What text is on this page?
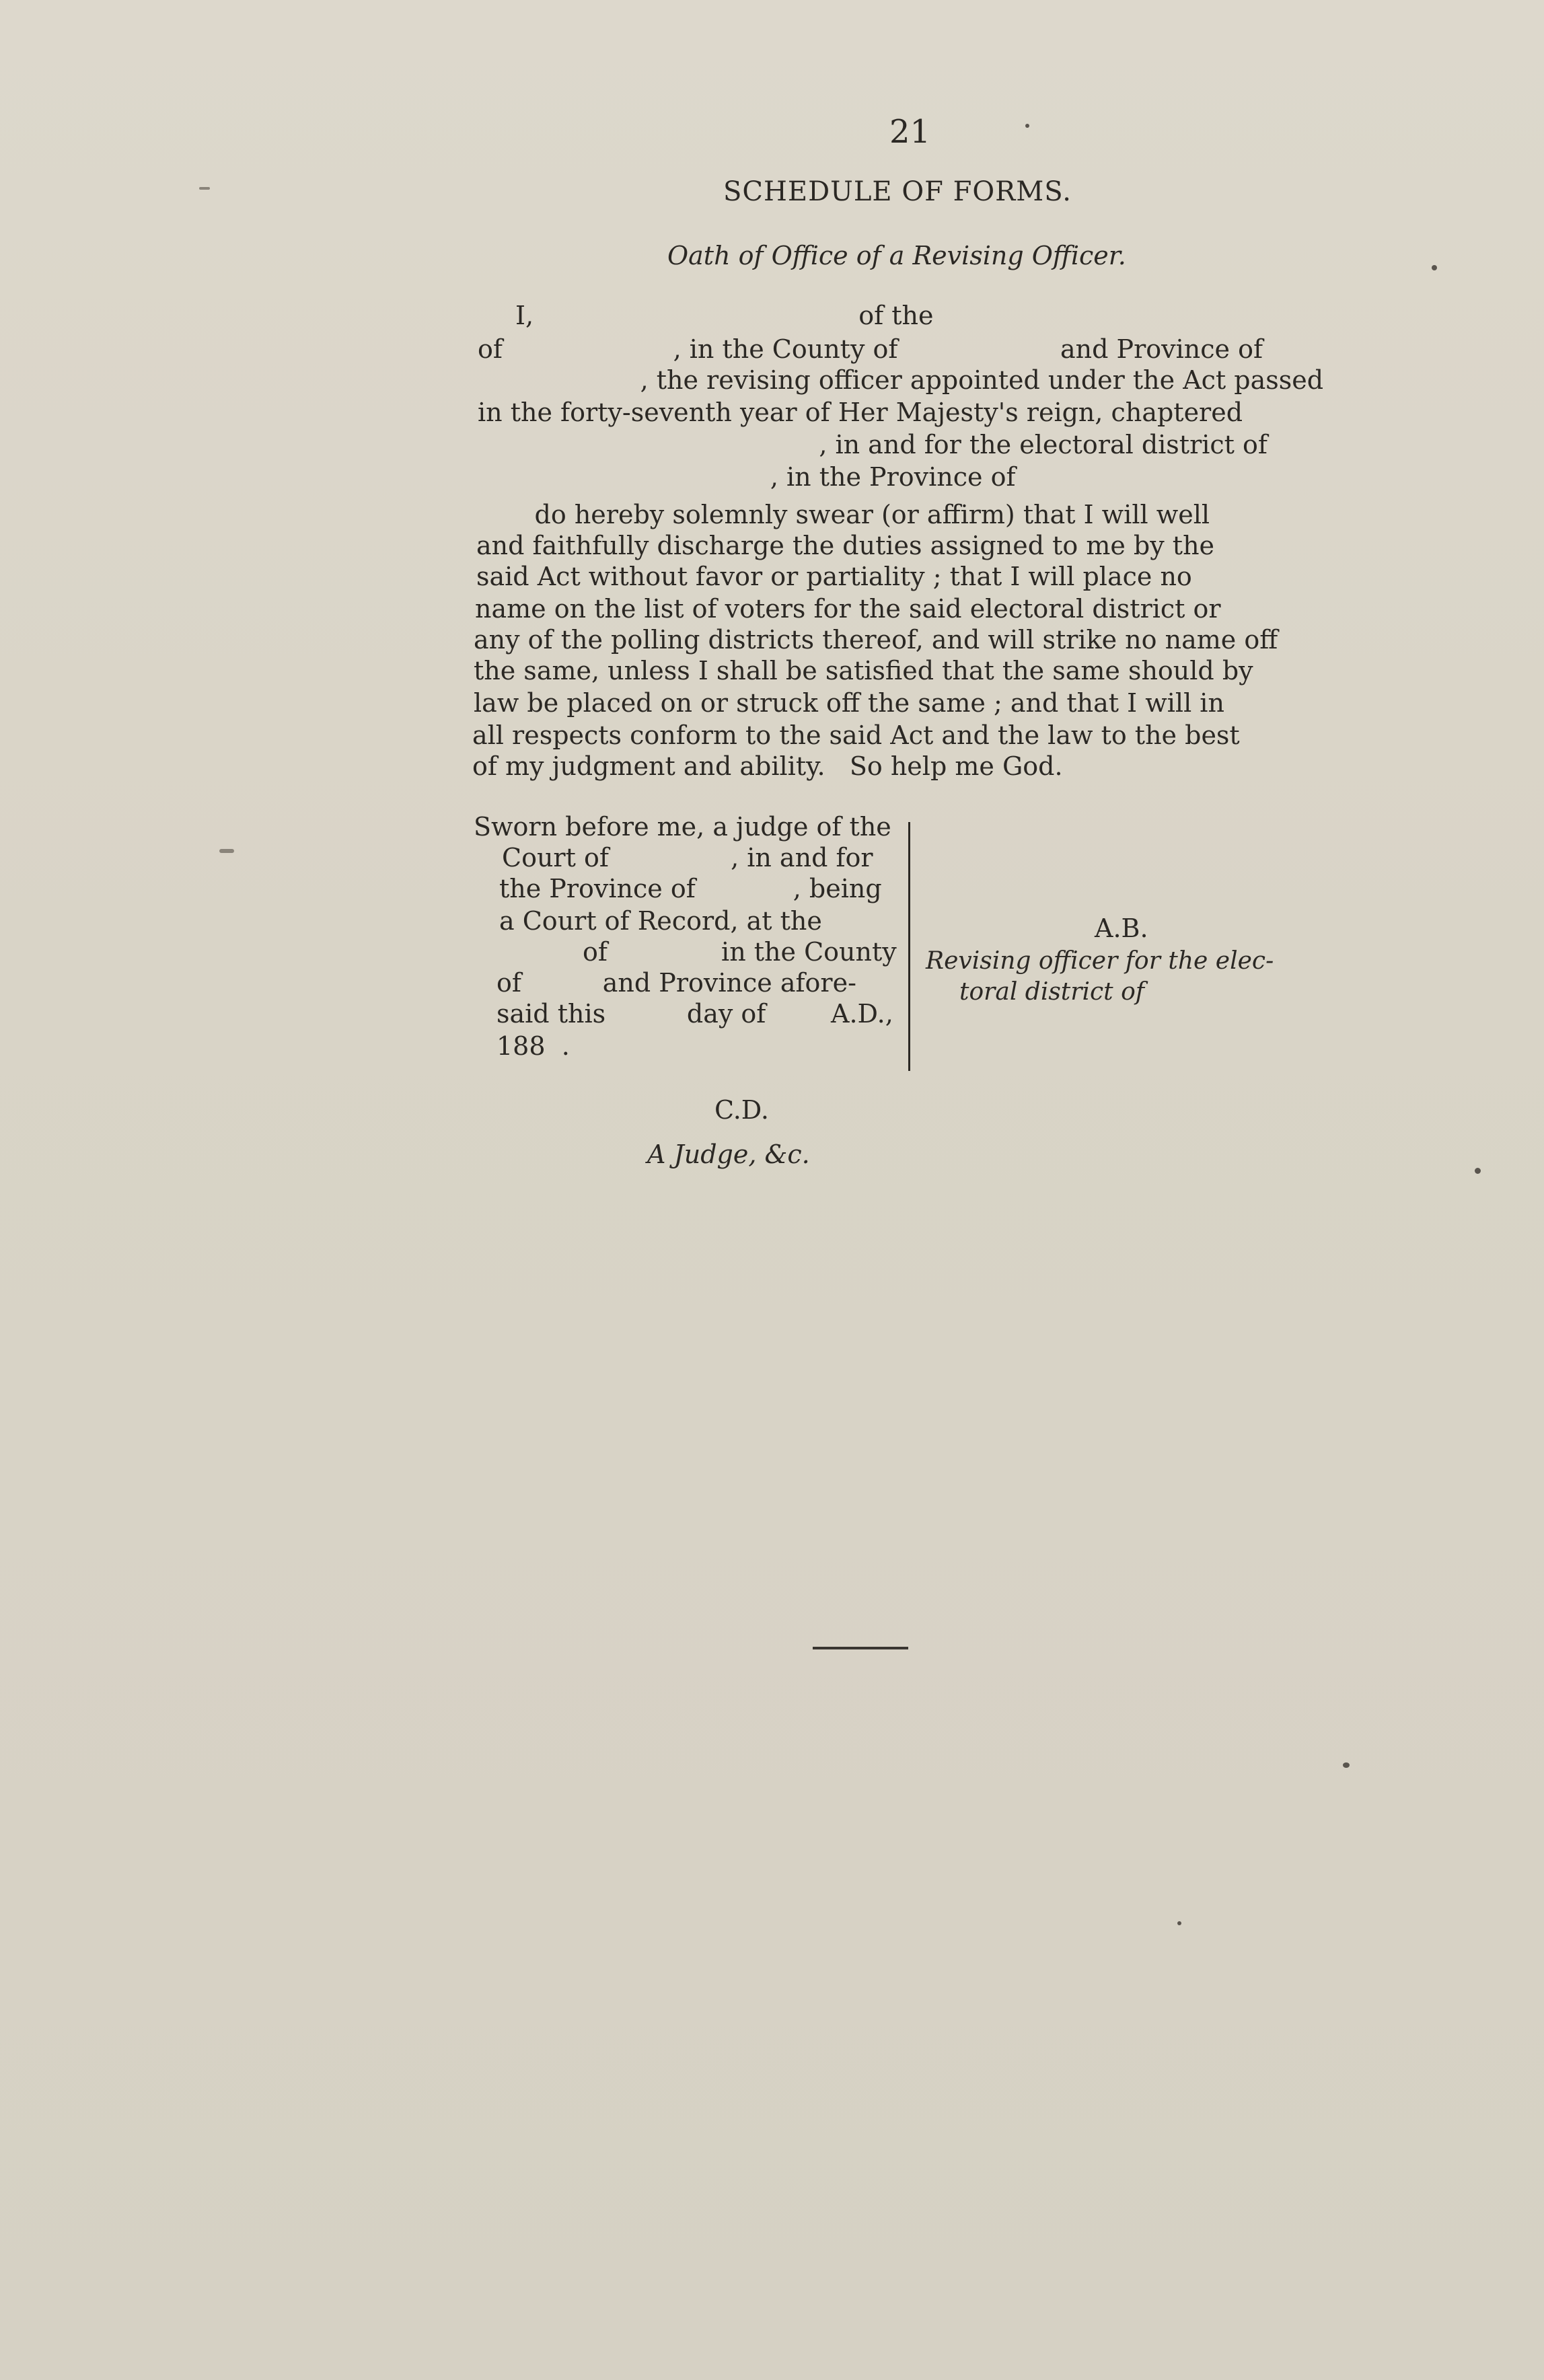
21
SCHEDULE OF FORMS.
Oath of Office of a Revising Officer.
I,                                        of the
of                     , in the County of                    and Province of
, the revising officer appointed under the Act passed
in the forty-seventh year of Her Majesty's reign, chaptered
, in and for the electoral district of
, in the Province of
do hereby solemnly swear (or affirm) that I will well
and faithfully discharge the duties assigned to me by the
said Act without favor or partiality ; that I will place no
name on the list of voters for the said electoral district or
any of the polling districts thereof, and will strike no name off
the same, unless I shall be satisfied that the same should by
law be placed on or struck off the same ; and that I will in
all respects conform to the said Act and the law to the best
of my judgment and ability.   So help me God.
Sworn before me, a judge of the
Court of               , in and for
the Province of            , being
a Court of Record, at the
of              in the County
of          and Province afore-
said this          day of        A.D.,
188  .
A.B.
Revising officer for the elec-
toral district of
C.D.
A Judge, &c.
